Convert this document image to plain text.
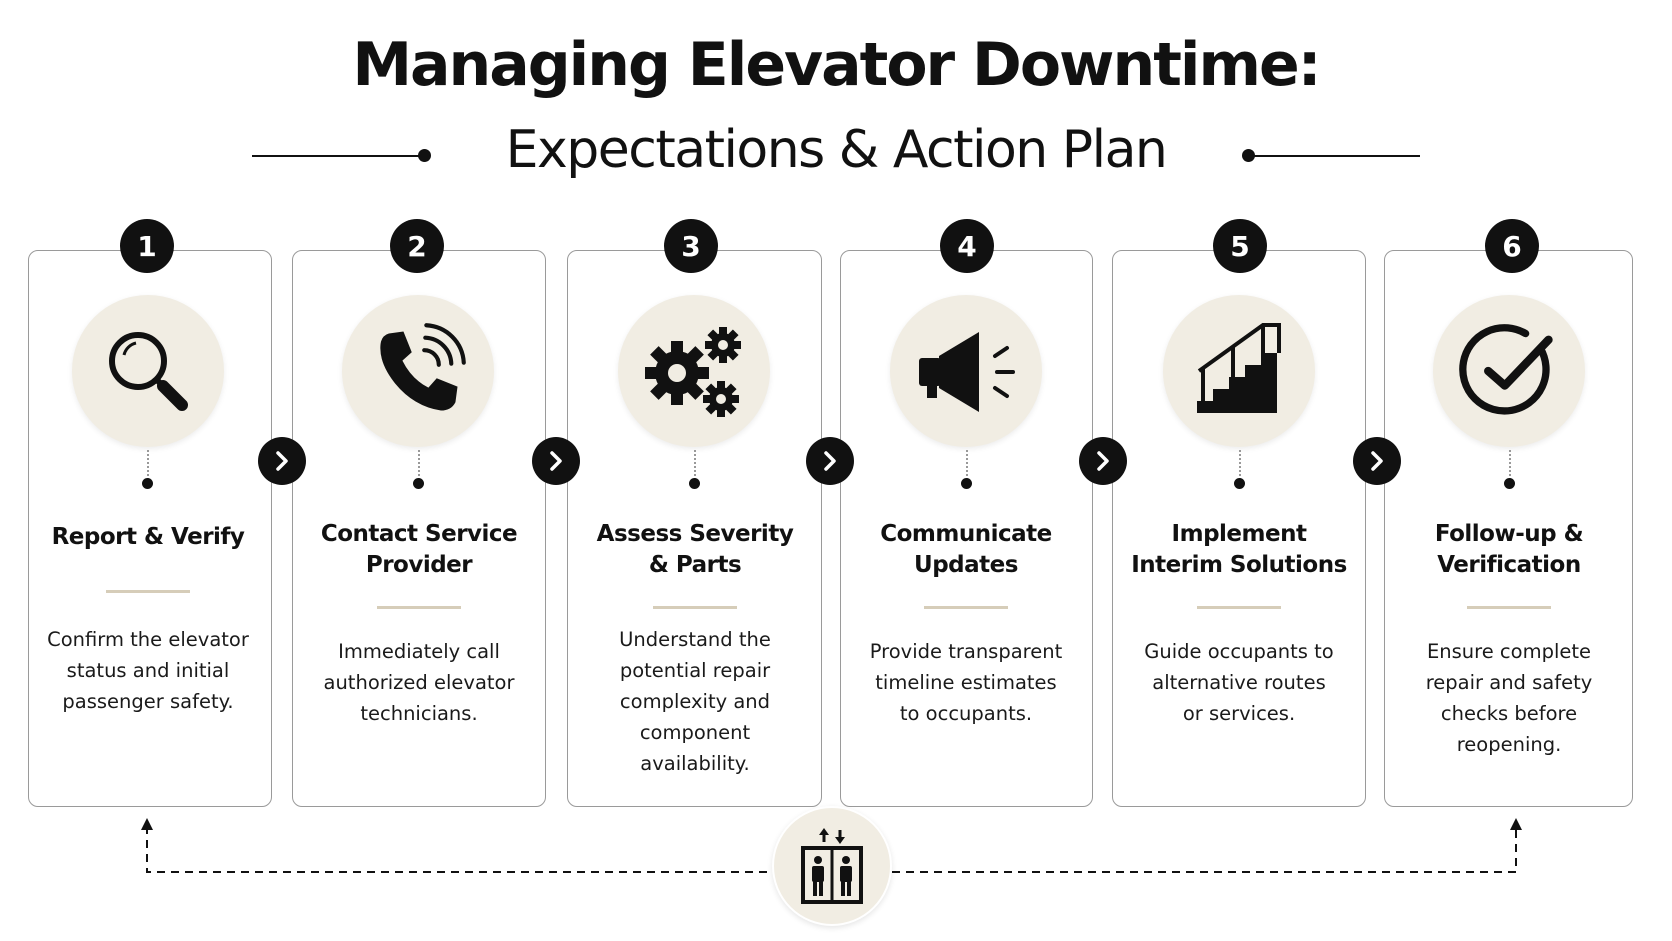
Managing Elevator Downtime:
Expectations & Action Plan
1	2	3	4	5	6
Report & Verify
Confirm the elevator
status and initial
passenger safety.
Contact Service
Provider
Immediately call
authorized elevator
technicians.
Assess Severity
& Parts
Understand the
potential repair
complexity and
component
availability.
Communicate
Updates
Provide transparent
timeline estimates
to occupants.
Implement
Interim Solutions
Guide occupants to
alternative routes
or services.
Follow-up &
Verification
Ensure complete
repair and safety
checks before
reopening.
